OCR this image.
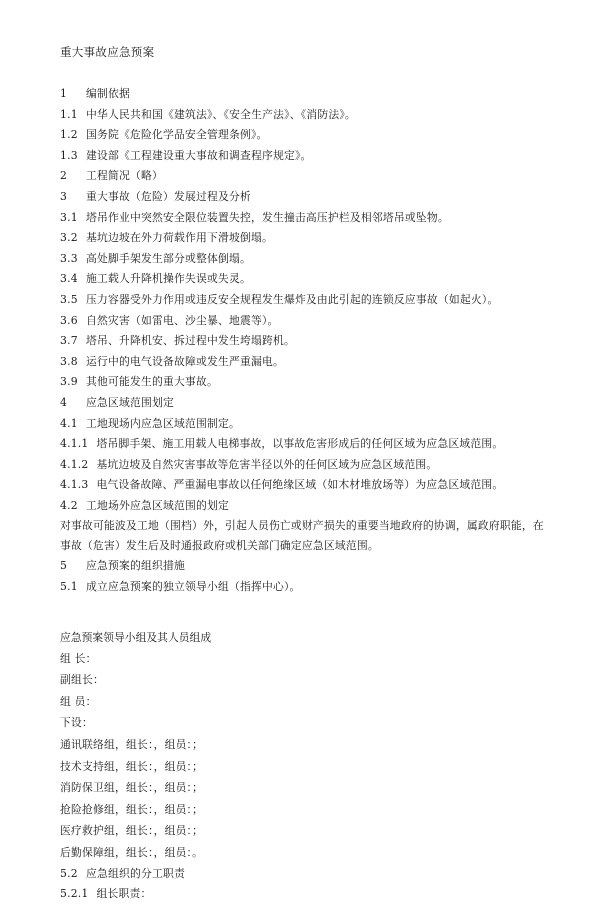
重大事故应急预案
1 编制依据
1.1 中华人民共和国《建筑法》、《安全生产法》、《消防法》。
1.2 国务院《危险化学品安全管理条例》。
1.3 建设部《工程建设重大事故和调查程序规定》。
2 工程简况（略）
3 重大事故（危险）发展过程及分析
3.1 塔吊作业中突然安全限位装置失控，发生撞击高压护栏及相邻塔吊或坠物。
3.2 基坑边坡在外力荷载作用下滑坡倒塌。
3.3 高处脚手架发生部分或整体倒塌。
3.4 施工载人升降机操作失误或失灵。
3.5 压力容器受外力作用或违反安全规程发生爆炸及由此引起的连锁反应事故（如起火）。
3.6 自然灾害（如雷电、沙尘暴、地震等）。
3.7 塔吊、升降机安、拆过程中发生垮塌跨机。
3.8 运行中的电气设备故障或发生严重漏电。
3.9 其他可能发生的重大事故。
4 应急区域范围划定
4.1 工地现场内应急区域范围制定。
4.1.1 塔吊脚手架、施工用载人电梯事故，以事故危害形成后的任何区域为应急区域范围。
4.1.2 基坑边坡及自然灾害事故等危害半径以外的任何区域为应急区域范围。
4.1.3 电气设备故障、严重漏电事故以任何绝缘区域（如木材堆放场等）为应急区域范围。
4.2 工地场外应急区域范围的划定
对事故可能波及工地（围档）外，引起人员伤亡或财产损失的重要当地政府的协调，属政府职能，在事故（危害）发生后及时通报政府或机关部门确定应急区域范围。
5 应急预案的组织措施
5.1 成立应急预案的独立领导小组（指挥中心）。
应急预案领导小组及其人员组成
组 长：
副组长：
组 员：
下设：
通讯联络组，组长：，组员：；
技术支持组，组长：，组员：；
消防保卫组，组长：，组员：；
抢险抢修组，组长：，组员：；
医疗救护组，组长：，组员：；
后勤保障组，组长：，组员：。
5.2 应急组织的分工职责
5.2.1 组长职责：
